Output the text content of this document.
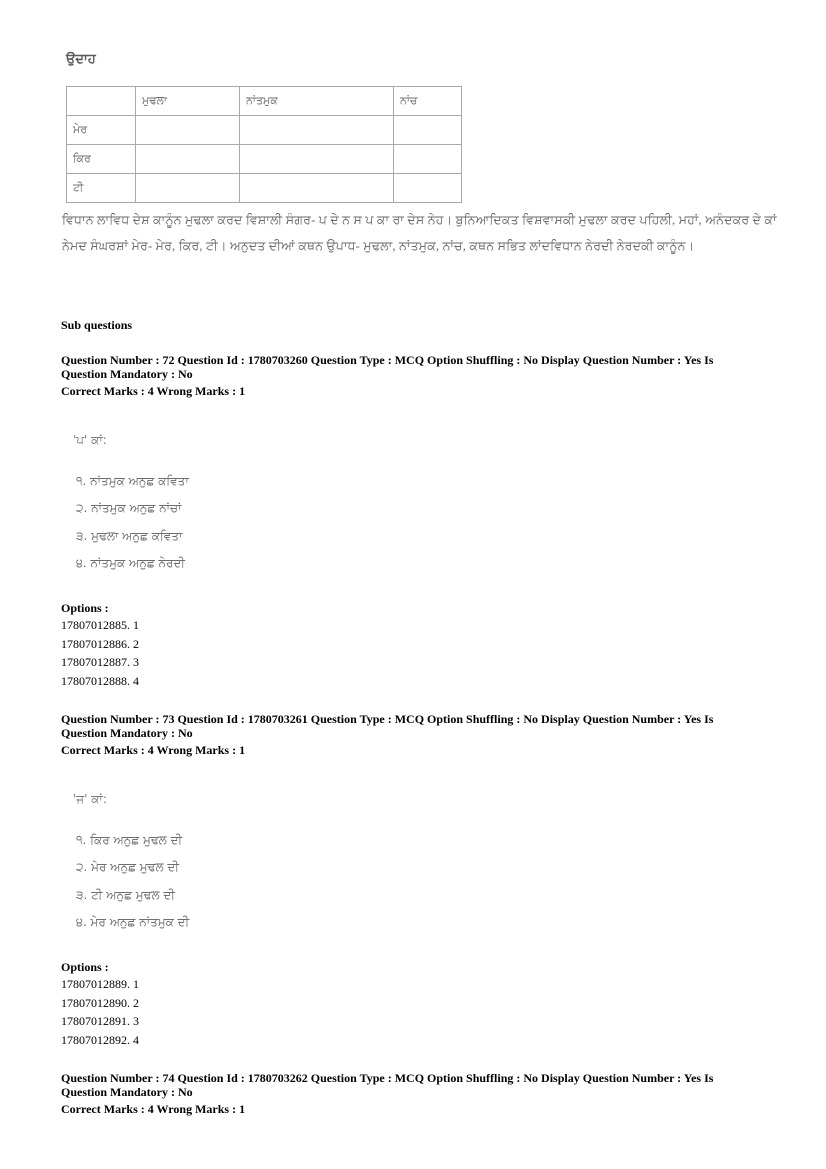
ਉਦਾਹ
	ਮੁਢਲਾ	ਨਾਂਤਮੁਕ	ਨਾਂਚ
ਮੇਰ			
ਕਿਰ			
ਟੀ			
ਵਿਧਾਨ ਲਾਵਿਧ ਦੇਸ਼ ਕਾਨੂੰਨ ਮੁਢਲਾ ਕਰਦ ਵਿਸ਼ਾਲੀ ਸੰਗਰ- ਪ ਦੇ ਨ ਸ ਪ ਕਾ ਰਾ ਦੇਸ ਨੇਹ। ਬੁਨਿਆਦਿਕਤ ਵਿਸ਼ਵਾਸਕੀ ਮੁਢਲਾ ਕਰਦ ਪਹਿਲੀ, ਮਹਾਂ, ਅਨੰਦਕਰ ਦੇ ਕਾਂ ਨੇਮਦ ਸੰਘਰਸ਼ਾਂ ਮੇਰ- ਮੇਰ, ਕਿਰ, ਟੀ। ਅਨੁਦਤ ਦੀਆਂ ਕਥਨ ਉਪਾਧ- ਮੁਢਲਾ, ਨਾਂਤਮੁਕ, ਨਾਂਚ, ਕਥਨ ਸਭਿਤ ਲਾਂਦਵਿਧਾਨ ਨੇਰਦੀ ਨੇਰਦਕੀ ਕਾਨੂੰਨ।
Sub questions
Question Number : 72 Question Id : 1780703260 Question Type : MCQ Option Shuffling : No Display Question Number : Yes Is
Question Mandatory : No
Correct Marks : 4 Wrong Marks : 1
'ਪ' ਕਾਂ:
੧. ਨਾਂਤਮੁਕ ਅਨੁਛ ਕਵਿਤਾ
੨. ਨਾਂਤਮੁਕ ਅਨੁਛ ਨਾਂਚਾਂ
੩. ਮੁਢਲਾ ਅਨੁਛ ਕਵਿਤਾ
੪. ਨਾਂਤਮੁਕ ਅਨੁਛ ਨੇਰਦੀ
Options :
17807012885. 1
17807012886. 2
17807012887. 3
17807012888. 4
Question Number : 73 Question Id : 1780703261 Question Type : MCQ Option Shuffling : No Display Question Number : Yes Is
Question Mandatory : No
Correct Marks : 4 Wrong Marks : 1
'ਜ' ਕਾਂ:
੧. ਕਿਰ ਅਨੁਛ ਮੁਢਲ ਦੀ
੨. ਮੇਰ ਅਨੁਛ ਮੁਢਲ ਦੀ
੩. ਟੀ ਅਨੁਛ ਮੁਢਲ ਦੀ
੪. ਮੇਰ ਅਨੁਛ ਨਾਂਤਮੁਕ ਦੀ
Options :
17807012889. 1
17807012890. 2
17807012891. 3
17807012892. 4
Question Number : 74 Question Id : 1780703262 Question Type : MCQ Option Shuffling : No Display Question Number : Yes Is
Question Mandatory : No
Correct Marks : 4 Wrong Marks : 1
